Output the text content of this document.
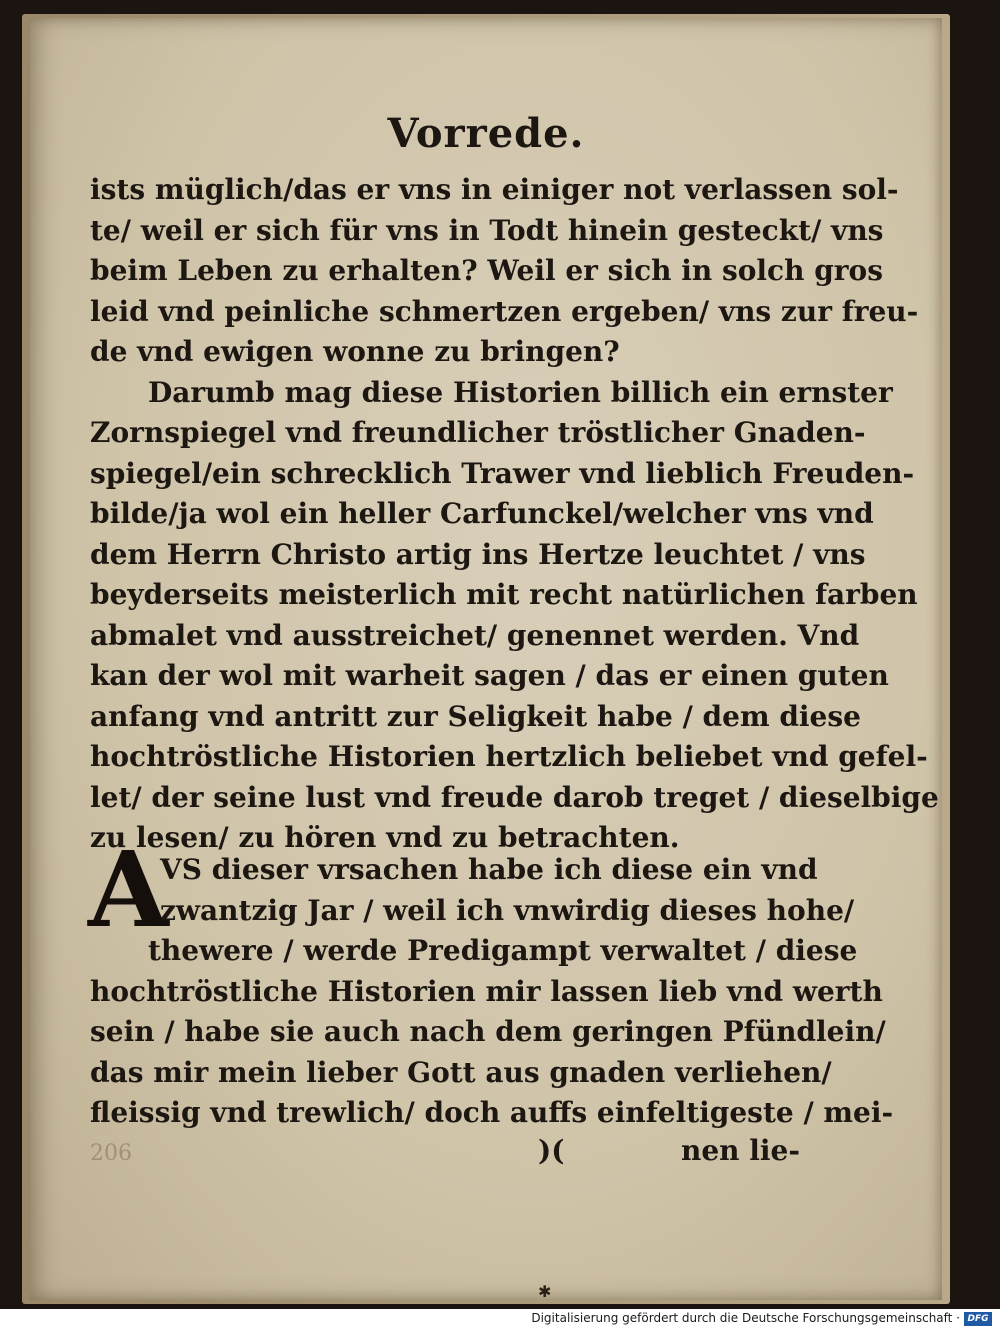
Vorrede.
ists müglich/das er vns in einiger not verlassen sol-
te/ weil er sich für vns in Todt hinein gesteckt/ vns
beim Leben zu erhalten? Weil er sich in solch gros
leid vnd peinliche schmertzen ergeben/ vns zur freu-
de vnd ewigen wonne zu bringen?
Darumb mag diese Historien billich ein ernster
Zornspiegel vnd freundlicher tröstlicher Gnaden-
spiegel/ein schrecklich Trawer vnd lieblich Freuden-
bilde/ja wol ein heller Carfunckel/welcher vns vnd
dem Herrn Christo artig ins Hertze leuchtet / vns
beyderseits meisterlich mit recht natürlichen farben
abmalet vnd ausstreichet/ genennet werden. Vnd
kan der wol mit warheit sagen / das er einen guten
anfang vnd antritt zur Seligkeit habe / dem diese
hochtröstliche Historien hertzlich beliebet vnd gefel-
let/ der seine lust vnd freude darob treget / dieselbige
zu lesen/ zu hören vnd zu betrachten.
A
VS dieser vrsachen habe ich diese ein vnd
zwantzig Jar / weil ich vnwirdig dieses hohe/
thewere / werde Predigampt verwaltet / diese
hochtröstliche Historien mir lassen lieb vnd werth
sein / habe sie auch nach dem geringen Pfündlein/
das mir mein lieber Gott aus gnaden verliehen/
fleissig vnd trewlich/ doch auffs einfeltigeste / mei-
206	)(	nen lie-
✱
Digitalisierung gefördert durch die Deutsche Forschungsgemeinschaft · DFG
